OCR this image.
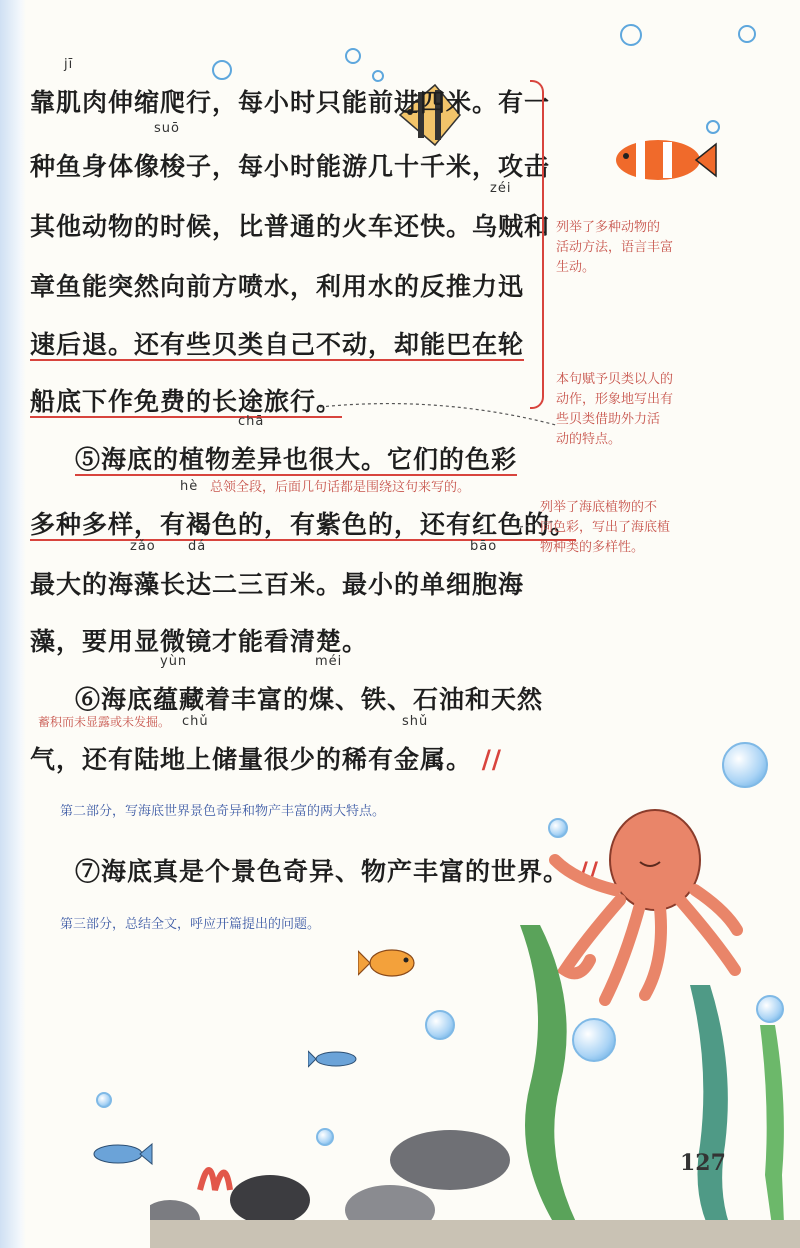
jī
靠肌肉伸缩爬行，每小时只能前进四米。有一
suō
种鱼身体像梭子，每小时能游几十千米，攻击
zéi
其他动物的时候，比普通的火车还快。乌贼和
章鱼能突然向前方喷水，利用水的反推力迅
速后退。还有些贝类自己不动，却能巴在轮
船底下作免费的长途旅行。
chā
⑤海底的植物差异也很大。它们的色彩
总领全段，后面几句话都是围绕这句来写的。
hè
多种多样，有褐色的，有紫色的，还有红色的。
zǎo dá	bāo
最大的海藻长达二三百米。最小的单细胞海
藻，要用显微镜才能看清楚。
yùn	méi
⑥海底蕴藏着丰富的煤、铁、石油和天然
蓄积而未显露或未发掘。 chǔ	shǔ
气，还有陆地上储量很少的稀有金属。 //
第二部分，写海底世界景色奇异和物产丰富的两大特点。
⑦海底真是个景色奇异、物产丰富的世界。 //
第三部分，总结全文，呼应开篇提出的问题。
列举了多种动物的
活动方法，语言丰富
生动。
本句赋予贝类以人的
动作，形象地写出有
些贝类借助外力活
动的特点。
列举了海底植物的不
同色彩，写出了海底植
物种类的多样性。
127
